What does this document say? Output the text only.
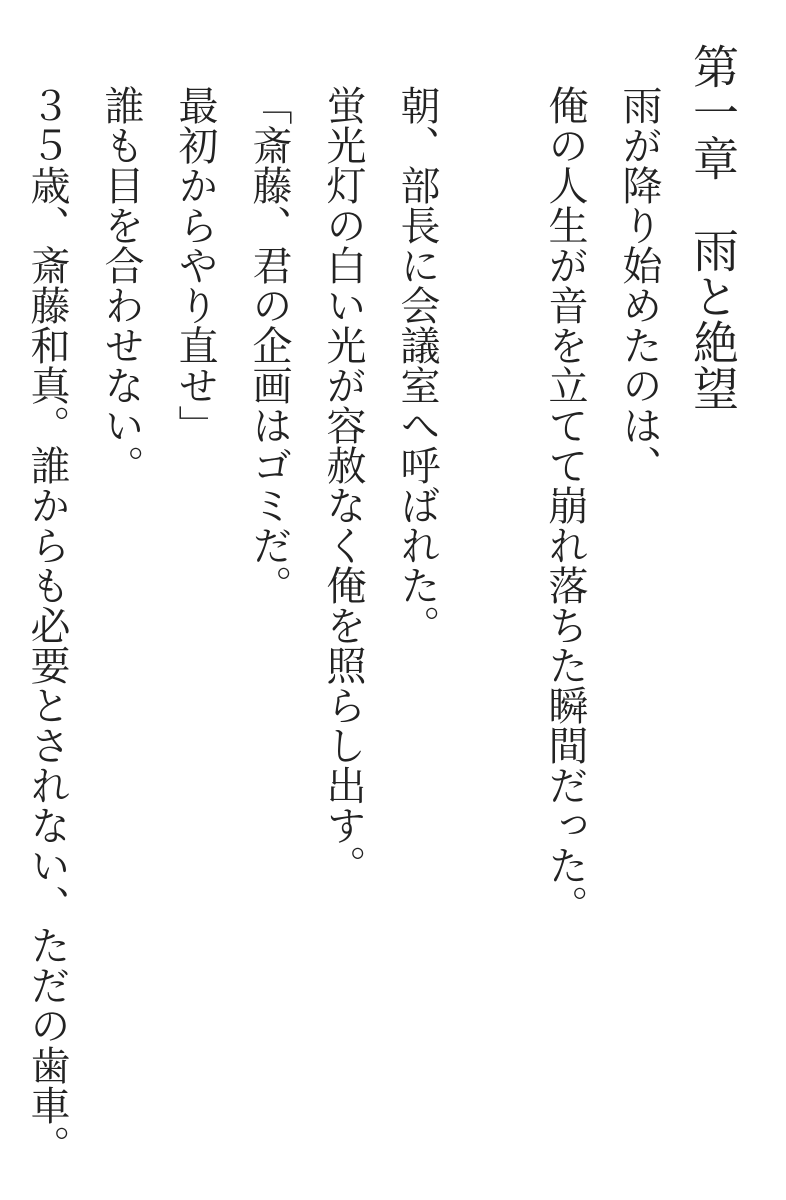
第一章　雨と絶望

雨が降り始めたのは、

俺の人生が音を立てて崩れ落ちた瞬間だった。

朝、部長に会議室へ呼ばれた。

蛍光灯の白い光が容赦なく俺を照らし出す。

「斎藤、君の企画はゴミだ。

最初からやり直せ」

誰も目を合わせない。

３５歳、斎藤和真。誰からも必要とされない、ただの歯車。
